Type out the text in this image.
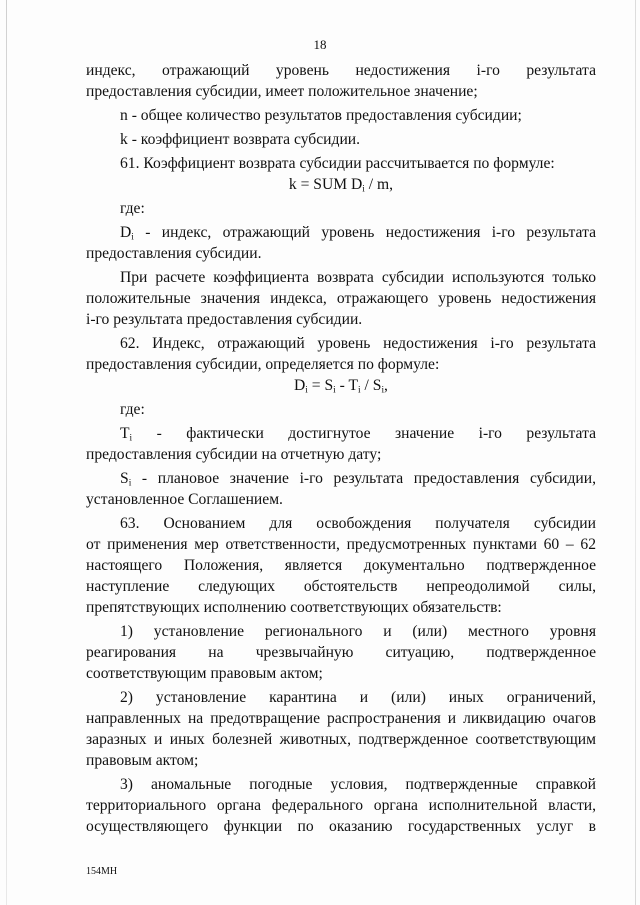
18

индекс, отражающий уровень недостижения i-го результата

предоставления субсидии, имеет положительное значение;

n - общее количество результатов предоставления субсидии;

k - коэффициент возврата субсидии.

61. Коэффициент возврата субсидии рассчитывается по формуле:

k = SUM $D_i$ / m,

где:

$D_i$ - индекс, отражающий уровень недостижения i-го результата

предоставления субсидии.

При расчете коэффициента возврата субсидии используются только

положительные значения индекса, отражающего уровень недостижения

i-го результата предоставления субсидии.

62. Индекс, отражающий уровень недостижения i-го результата

предоставления субсидии, определяется по формуле:

$D_i = S_i - T_i / S_i$,

где:

$T_i$ - фактически достигнутое значение i-го результата

предоставления субсидии на отчетную дату;

$S_i$ - плановое значение i-го результата предоставления субсидии,

установленное Соглашением.

63. Основанием для освобождения получателя субсидии

от применения мер ответственности, предусмотренных пунктами 60 – 62

настоящего Положения, является документально подтвержденное

наступление следующих обстоятельств непреодолимой силы,

препятствующих исполнению соответствующих обязательств:

1) установление регионального и (или) местного уровня

реагирования на чрезвычайную ситуацию, подтвержденное

соответствующим правовым актом;

2) установление карантина и (или) иных ограничений,

направленных на предотвращение распространения и ликвидацию очагов

заразных и иных болезней животных, подтвержденное соответствующим

правовым актом;

3) аномальные погодные условия, подтвержденные справкой

территориального органа федерального органа исполнительной власти,

осуществляющего функции по оказанию государственных услуг в

154МН
